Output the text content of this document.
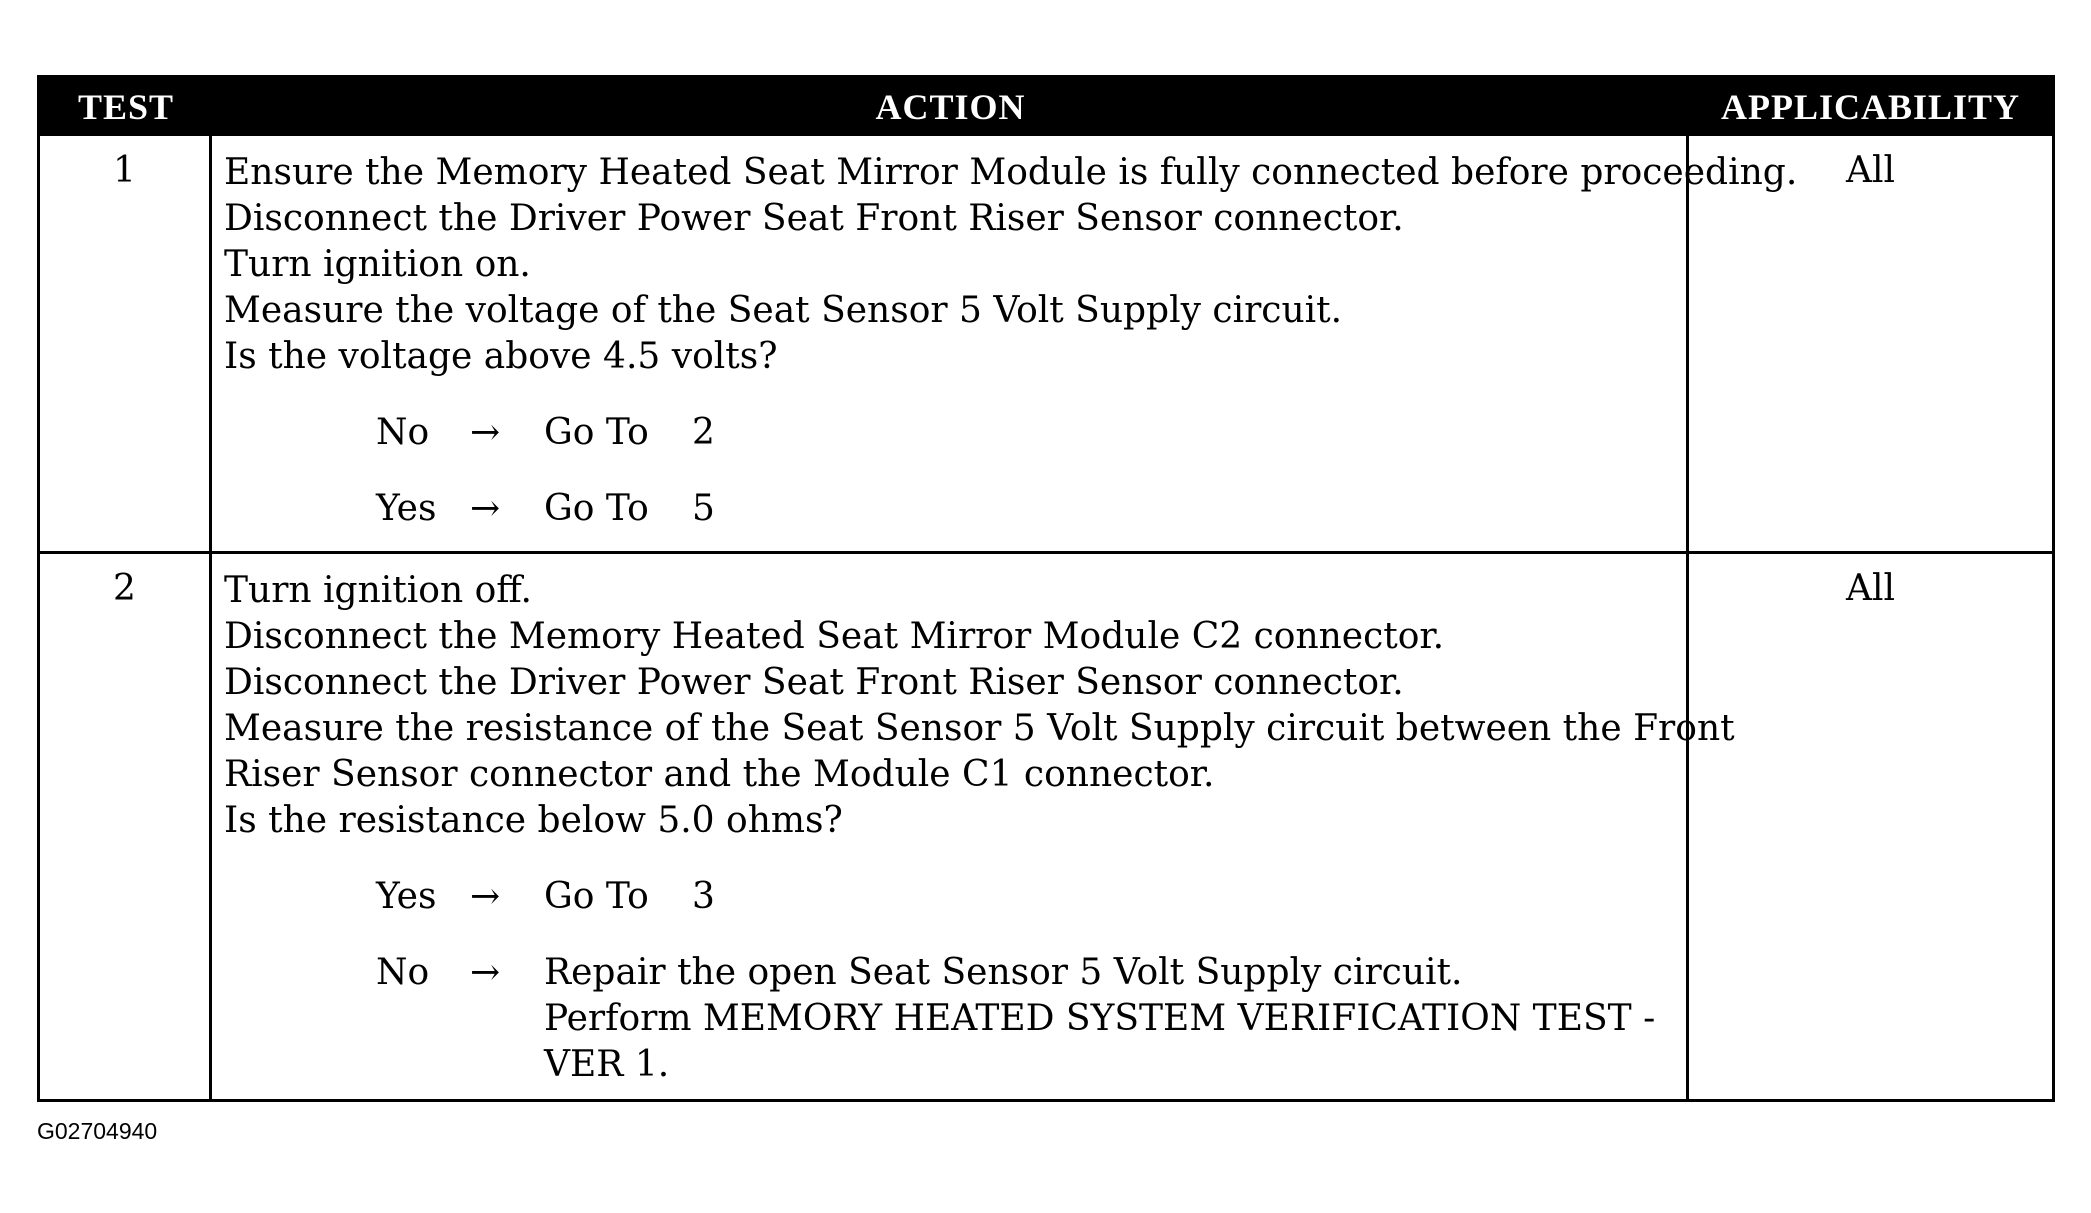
TEST	ACTION	APPLICABILITY
1	Ensure the Memory Heated Seat Mirror Module is fully connected before proceeding.
Disconnect the Driver Power Seat Front Riser Sensor connector.
Turn ignition on.
Measure the voltage of the Seat Sensor 5 Volt Supply circuit.
Is the voltage above 4.5 volts?
No	→	Go To	2
Yes →	Go To	5
All
2	Turn ignition off.
Disconnect the Memory Heated Seat Mirror Module C2 connector.
Disconnect the Driver Power Seat Front Riser Sensor connector.
Measure the resistance of the Seat Sensor 5 Volt Supply circuit between the Front
Riser Sensor connector and the Module C1 connector.
Is the resistance below 5.0 ohms?
Yes →	Go To	3
No	→	Repair the open Seat Sensor 5 Volt Supply circuit.
Perform MEMORY HEATED SYSTEM VERIFICATION TEST -
VER 1.
All
G02704940
